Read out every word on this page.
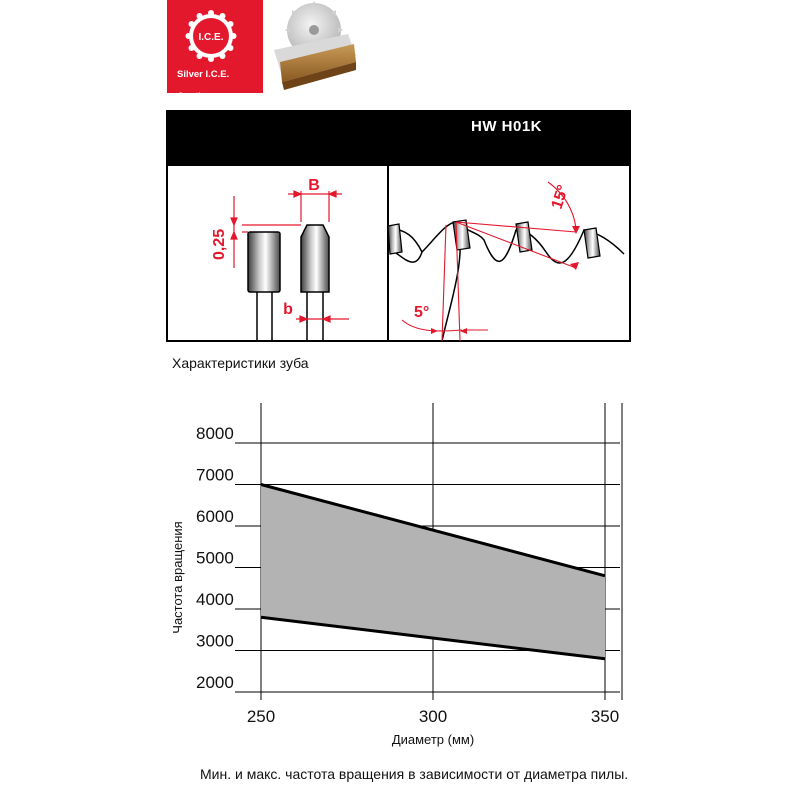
I.C.E.

Silver I.C.E.

Coating

HW H01K
B
b
0,25
15°
5°
Характеристики зуба
2000
3000
4000
5000
6000
7000
8000
250	300	350
Диаметр (мм)
Частота вращения
Мин. и макс. частота вращения в зависимости от диаметра пилы.
